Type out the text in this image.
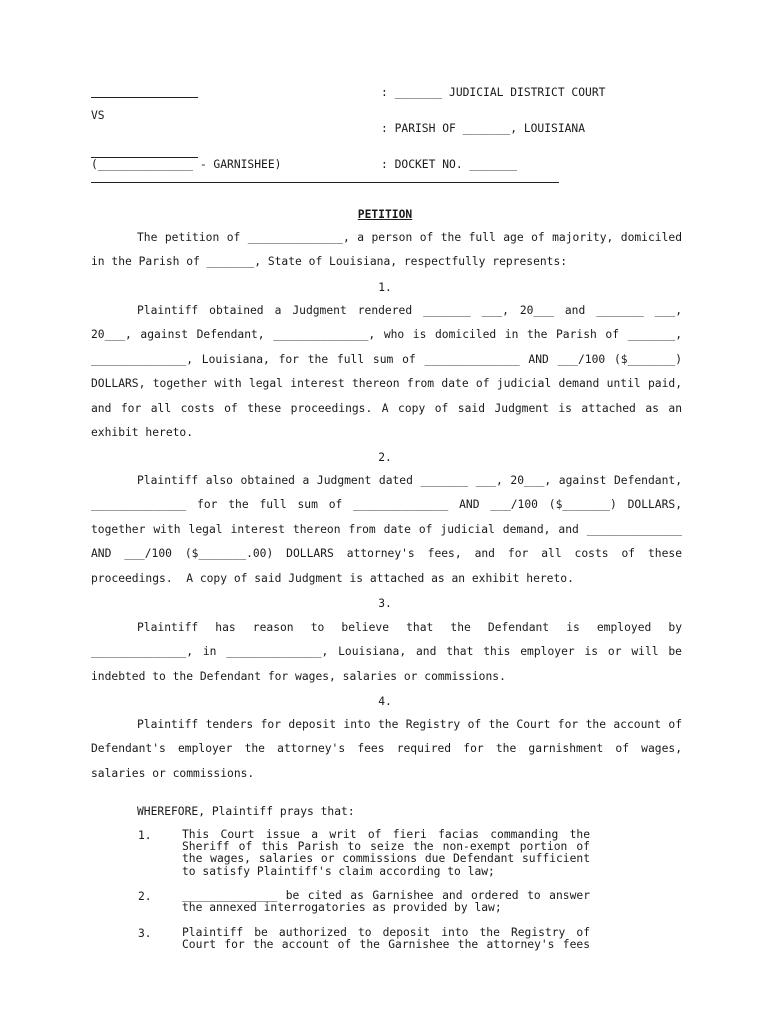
: _______ JUDICIAL DISTRICT COURT
VS
: PARISH OF _______, LOUISIANA
(______________ - GARNISHEE)	: DOCKET NO. _______
PETITION
The petition of ______________, a person of the full age of majority, domiciled
in the Parish of _______, State of Louisiana, respectfully represents:
1.
Plaintiff obtained a Judgment rendered _______ ___, 20___ and _______ ___,
20___, against Defendant, ______________, who is domiciled in the Parish of _______,
______________, Louisiana, for the full sum of ______________ AND ___/100 ($_______)
DOLLARS, together with legal interest thereon from date of judicial demand until paid,
and for all costs of these proceedings. A copy of said Judgment is attached as an
exhibit hereto.
2.
Plaintiff also obtained a Judgment dated _______ ___, 20___, against Defendant,
______________ for the full sum of ______________ AND ___/100 ($_______) DOLLARS,
together with legal interest thereon from date of judicial demand, and ______________
AND ___/100 ($_______.00) DOLLARS attorney's fees, and for all costs of these
proceedings.  A copy of said Judgment is attached as an exhibit hereto.
3.
Plaintiff has reason to believe that the Defendant is employed by
______________, in ______________, Louisiana, and that this employer is or will be
indebted to the Defendant for wages, salaries or commissions.
4.
Plaintiff tenders for deposit into the Registry of the Court for the account of
Defendant's employer the attorney's fees required for the garnishment of wages,
salaries or commissions.
WHEREFORE, Plaintiff prays that:
1.	This Court issue a writ of fieri facias commanding the
Sheriff of this Parish to seize the non-exempt portion of
the wages, salaries or commissions due Defendant sufficient
to satisfy Plaintiff's claim according to law;
2.	______________ be cited as Garnishee and ordered to answer
the annexed interrogatories as provided by law;
3.	Plaintiff be authorized to deposit into the Registry of
Court for the account of the Garnishee the attorney's fees
